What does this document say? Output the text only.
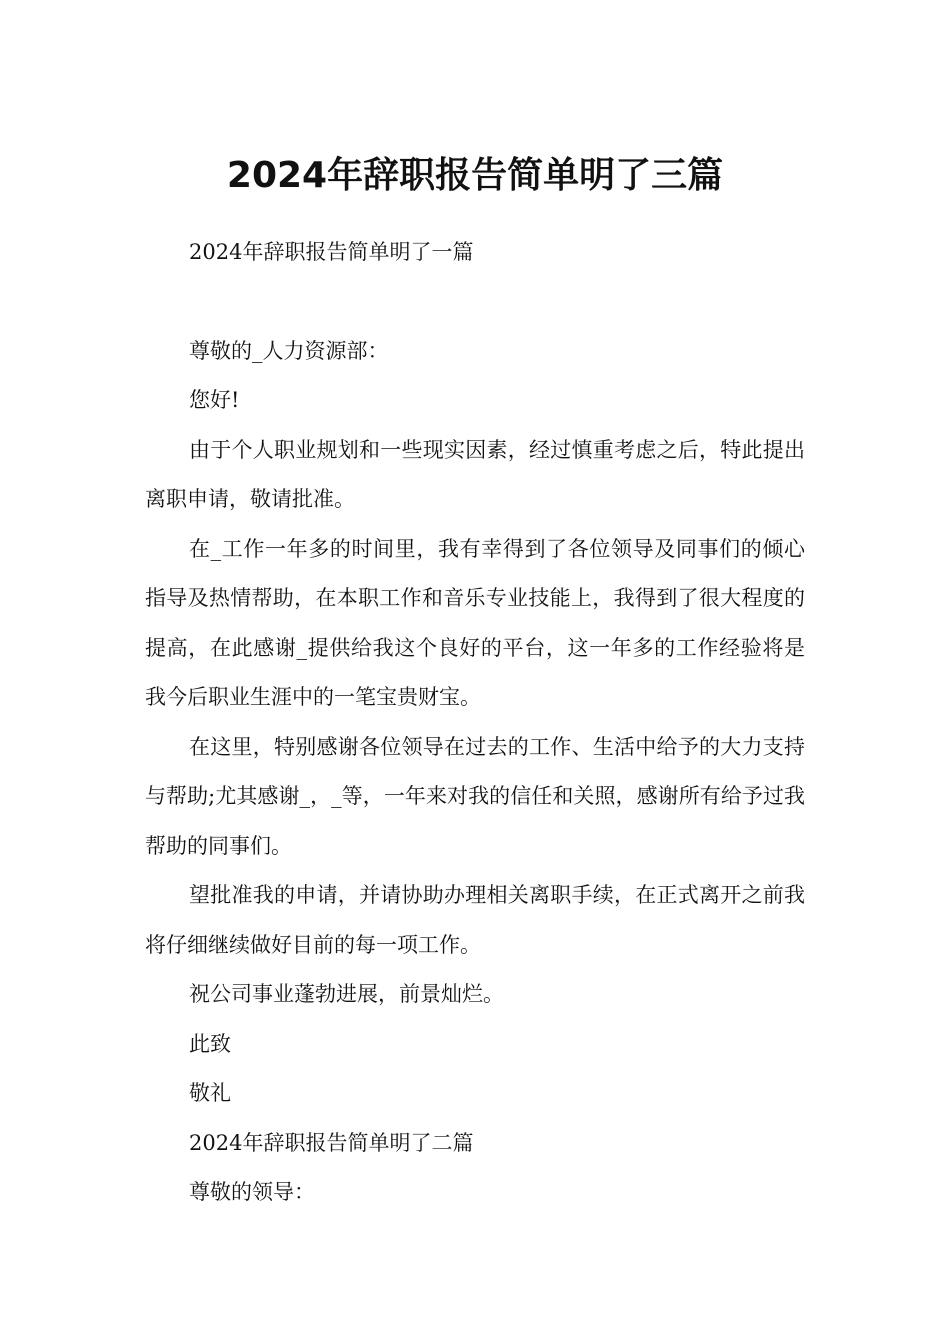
2024年辞职报告简单明了三篇

2024年辞职报告简单明了一篇

尊敬的_人力资源部：

您好!

由于个人职业规划和一些现实因素，经过慎重考虑之后，特此提出离职申请，敬请批准。

在_工作一年多的时间里，我有幸得到了各位领导及同事们的倾心指导及热情帮助，在本职工作和音乐专业技能上，我得到了很大程度的提高，在此感谢_提供给我这个良好的平台，这一年多的工作经验将是我今后职业生涯中的一笔宝贵财宝。

在这里，特别感谢各位领导在过去的工作、生活中给予的大力支持与帮助;尤其感谢_，_等，一年来对我的信任和关照，感谢所有给予过我帮助的同事们。

望批准我的申请，并请协助办理相关离职手续，在正式离开之前我将仔细继续做好目前的每一项工作。

祝公司事业蓬勃进展，前景灿烂。

此致

敬礼

2024年辞职报告简单明了二篇

尊敬的领导：
